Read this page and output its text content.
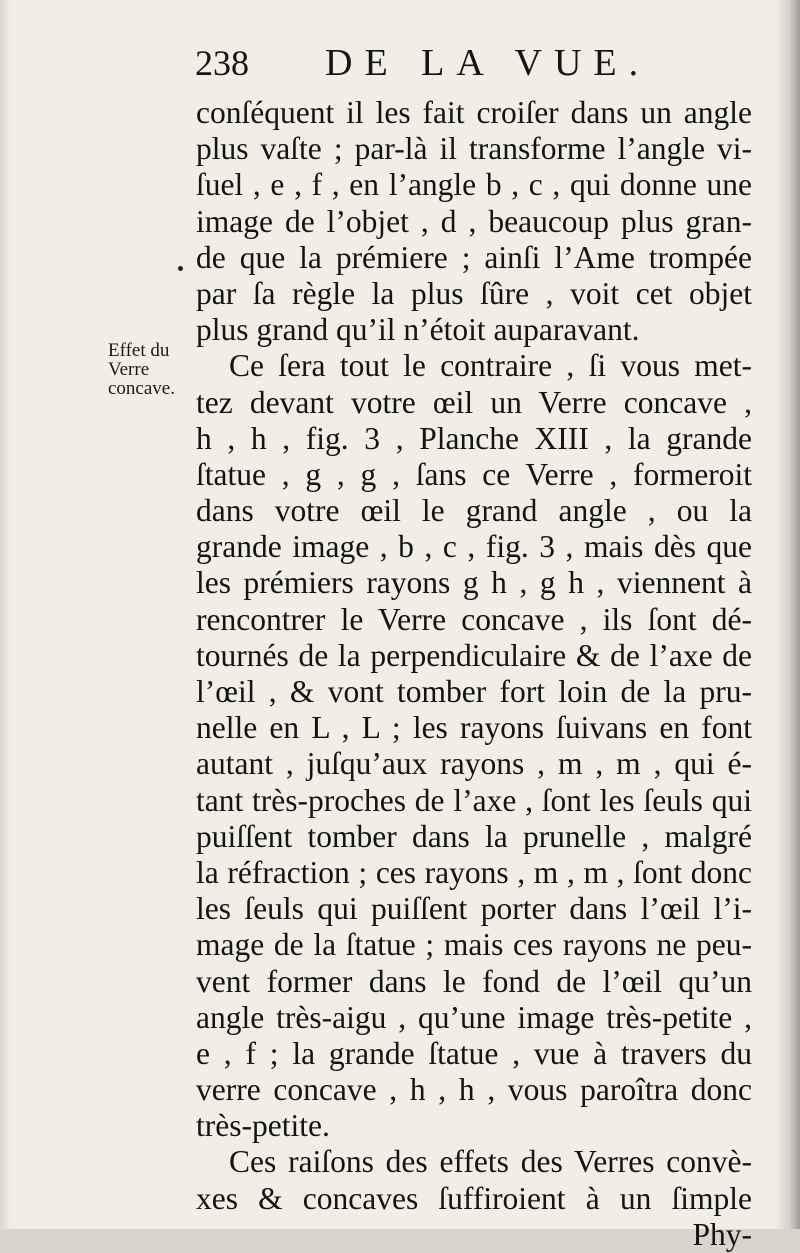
238 DE LA VUE.
Effet du
Verre
concave.
conſéquent il les fait croiſer dans un angle
plus vaſte ; par-là il transforme l’angle vi-
ſuel , e , f , en l’angle b , c , qui donne une
image de l’objet , d , beaucoup plus gran-
de que la prémiere ; ainſi l’Ame trompée
par ſa règle la plus ſûre , voit cet objet
plus grand qu’il n’étoit auparavant.
Ce ſera tout le contraire , ſi vous met-
tez devant votre œil un Verre concave ,
h , h , fig. 3 , Planche XIII , la grande
ſtatue , g , g , ſans ce Verre , formeroit
dans votre œil le grand angle , ou la
grande image , b , c , fig. 3 , mais dès que
les prémiers rayons g h , g h , viennent à
rencontrer le Verre concave , ils ſont dé-
tournés de la perpendiculaire & de l’axe de
l’œil , & vont tomber fort loin de la pru-
nelle en L , L ; les rayons ſuivans en font
autant , juſqu’aux rayons , m , m , qui é-
tant très-proches de l’axe , ſont les ſeuls qui
puiſſent tomber dans la prunelle , malgré
la réfraction ; ces rayons , m , m , ſont donc
les ſeuls qui puiſſent porter dans l’œil l’i-
mage de la ſtatue ; mais ces rayons ne peu-
vent former dans le fond de l’œil qu’un
angle très-aigu , qu’une image très-petite ,
e , f ; la grande ſtatue , vue à travers du
verre concave , h , h , vous paroîtra donc
très-petite.
Ces raiſons des effets des Verres convè-
xes & concaves ſuffiroient à un ſimple
Phy-
